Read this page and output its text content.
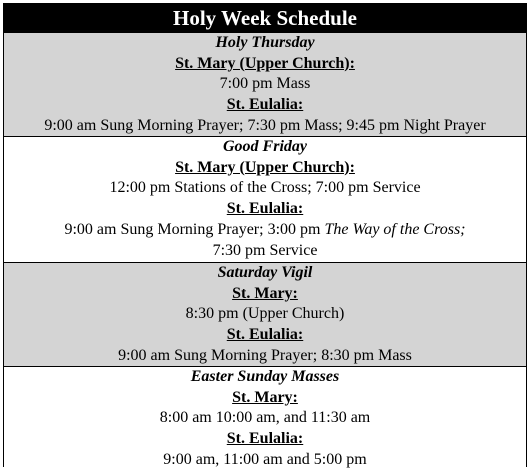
Holy Week Schedule
Holy Thursday
St. Mary (Upper Church):
7:00 pm Mass
St. Eulalia:
9:00 am Sung Morning Prayer; 7:30 pm Mass; 9:45 pm Night Prayer
Good Friday
St. Mary (Upper Church):
12:00 pm Stations of the Cross; 7:00 pm Service
St. Eulalia:
9:00 am Sung Morning Prayer; 3:00 pm The Way of the Cross;
7:30 pm Service
Saturday Vigil
St. Mary:
8:30 pm (Upper Church)
St. Eulalia:
9:00 am Sung Morning Prayer; 8:30 pm Mass
Easter Sunday Masses
St. Mary:
8:00 am 10:00 am, and 11:30 am
St. Eulalia:
9:00 am, 11:00 am and 5:00 pm
